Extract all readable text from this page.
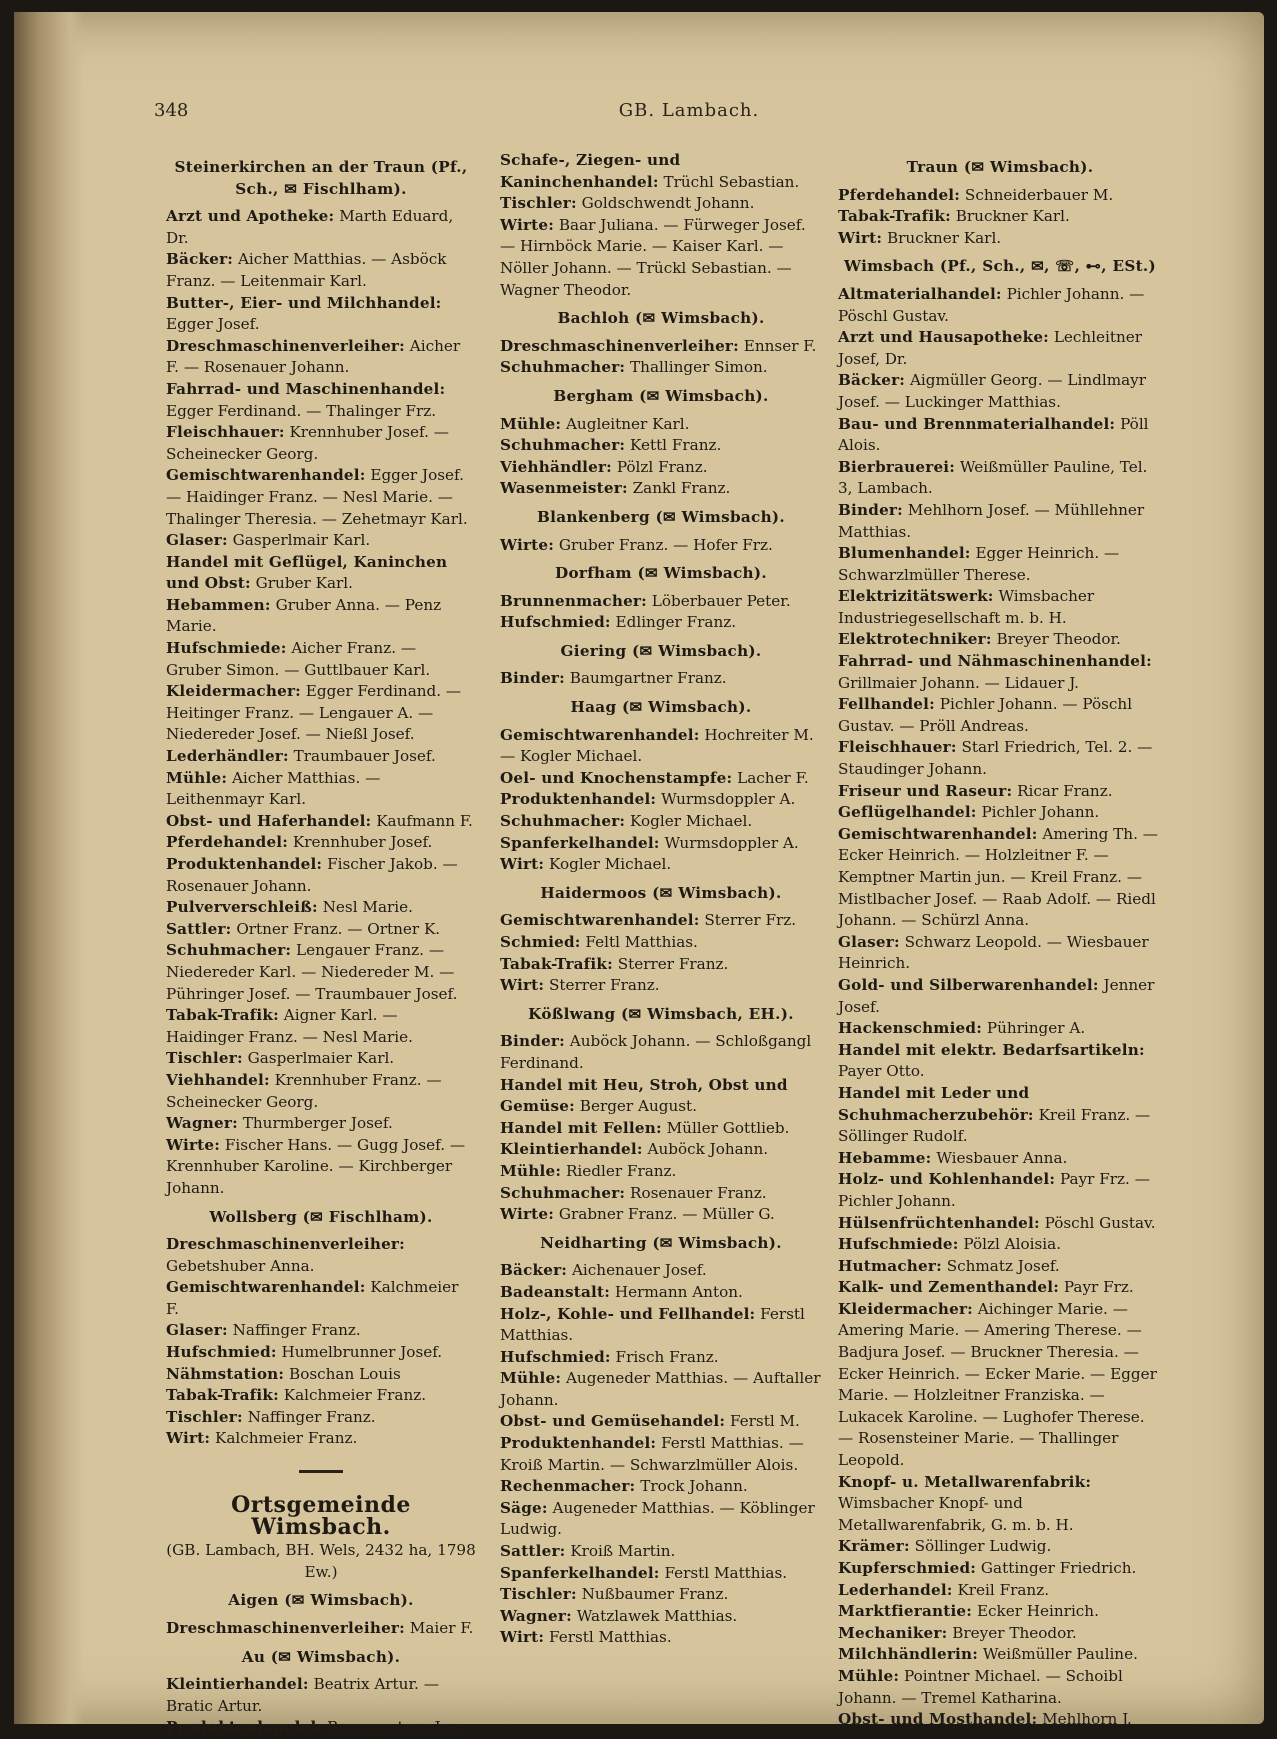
348	GB. Lambach.
Steinerkirchen an der Traun (Pf., Sch., ✉ Fischlham).

Arzt und Apotheke: Marth Eduard, Dr.

Bäcker: Aicher Matthias. — Asböck Franz. — Leitenmair Karl.

Butter-, Eier- und Milchhandel: Egger Josef.

Dreschmaschinenverleiher: Aicher F. — Rosenauer Johann.

Fahrrad- und Maschinenhandel: Egger Ferdinand. — Thalinger Frz.

Fleischhauer: Krennhuber Josef. — Scheinecker Georg.

Gemischtwarenhandel: Egger Josef. — Haidinger Franz. — Nesl Marie. — Thalinger Theresia. — Zehetmayr Karl.

Glaser: Gasperlmair Karl.

Handel mit Geflügel, Kaninchen und Obst: Gruber Karl.

Hebammen: Gruber Anna. — Penz Marie.

Hufschmiede: Aicher Franz. — Gruber Simon. — Guttlbauer Karl.

Kleidermacher: Egger Ferdinand. — Heitinger Franz. — Lengauer A. — Niedereder Josef. — Nießl Josef.

Lederhändler: Traumbauer Josef.

Mühle: Aicher Matthias. — Leithenmayr Karl.

Obst- und Haferhandel: Kaufmann F.

Pferdehandel: Krennhuber Josef.

Produktenhandel: Fischer Jakob. — Rosenauer Johann.

Pulververschleiß: Nesl Marie.

Sattler: Ortner Franz. — Ortner K.

Schuhmacher: Lengauer Franz. — Niedereder Karl. — Niedereder M. — Pühringer Josef. — Traumbauer Josef.

Tabak-Trafik: Aigner Karl. — Haidinger Franz. — Nesl Marie.

Tischler: Gasperlmaier Karl.

Viehhandel: Krennhuber Franz. — Scheinecker Georg.

Wagner: Thurmberger Josef.

Wirte: Fischer Hans. — Gugg Josef. — Krennhuber Karoline. — Kirchberger Johann.

Wollsberg (✉ Fischlham).

Dreschmaschinenverleiher: Gebetshuber Anna.

Gemischtwarenhandel: Kalchmeier F.

Glaser: Naffinger Franz.

Hufschmied: Humelbrunner Josef.

Nähmstation: Boschan Louis

Tabak-Trafik: Kalchmeier Franz.

Tischler: Naffinger Franz.

Wirt: Kalchmeier Franz.

Ortsgemeinde Wimsbach.
(GB. Lambach, BH. Wels, 2432 ha, 1798 Ew.)
Aigen (✉ Wimsbach).

Dreschmaschinenverleiher: Maier F.

Au (✉ Wimsbach).

Kleintierhandel: Beatrix Artur. — Bratic Artur.

Produktenhandel: Baumgartner Jos.

Schafe-, Ziegen- und Kaninchenhandel: Trüchl Sebastian.

Tischler: Goldschwendt Johann.

Wirte: Baar Juliana. — Fürweger Josef. — Hirnböck Marie. — Kaiser Karl. — Nöller Johann. — Trückl Sebastian. — Wagner Theodor.

Bachloh (✉ Wimsbach).

Dreschmaschinenverleiher: Ennser F.

Schuhmacher: Thallinger Simon.

Bergham (✉ Wimsbach).

Mühle: Augleitner Karl.

Schuhmacher: Kettl Franz.

Viehhändler: Pölzl Franz.

Wasenmeister: Zankl Franz.

Blankenberg (✉ Wimsbach).

Wirte: Gruber Franz. — Hofer Frz.

Dorfham (✉ Wimsbach).

Brunnenmacher: Löberbauer Peter.

Hufschmied: Edlinger Franz.

Giering (✉ Wimsbach).

Binder: Baumgartner Franz.

Haag (✉ Wimsbach).

Gemischtwarenhandel: Hochreiter M. — Kogler Michael.

Oel- und Knochenstampfe: Lacher F.

Produktenhandel: Wurmsdoppler A.

Schuhmacher: Kogler Michael.

Spanferkelhandel: Wurmsdoppler A.

Wirt: Kogler Michael.

Haidermoos (✉ Wimsbach).

Gemischtwarenhandel: Sterrer Frz.

Schmied: Feltl Matthias.

Tabak-Trafik: Sterrer Franz.

Wirt: Sterrer Franz.

Kößlwang (✉ Wimsbach, EH.).

Binder: Auböck Johann. — Schloßgangl Ferdinand.

Handel mit Heu, Stroh, Obst und Gemüse: Berger August.

Handel mit Fellen: Müller Gottlieb.

Kleintierhandel: Auböck Johann.

Mühle: Riedler Franz.

Schuhmacher: Rosenauer Franz.

Wirte: Grabner Franz. — Müller G.

Neidharting (✉ Wimsbach).

Bäcker: Aichenauer Josef.

Badeanstalt: Hermann Anton.

Holz-, Kohle- und Fellhandel: Ferstl Matthias.

Hufschmied: Frisch Franz.

Mühle: Augeneder Matthias. — Auftaller Johann.

Obst- und Gemüsehandel: Ferstl M.

Produktenhandel: Ferstl Matthias. — Kroiß Martin. — Schwarzlmüller Alois.

Rechenmacher: Trock Johann.

Säge: Augeneder Matthias. — Köblinger Ludwig.

Sattler: Kroiß Martin.

Spanferkelhandel: Ferstl Matthias.

Tischler: Nußbaumer Franz.

Wagner: Watzlawek Matthias.

Wirt: Ferstl Matthias.

Traun (✉ Wimsbach).

Pferdehandel: Schneiderbauer M.

Tabak-Trafik: Bruckner Karl.

Wirt: Bruckner Karl.

Wimsbach (Pf., Sch., ✉, ☏, ⊷, ESt.)

Altmaterialhandel: Pichler Johann. — Pöschl Gustav.

Arzt und Hausapotheke: Lechleitner Josef, Dr.

Bäcker: Aigmüller Georg. — Lindlmayr Josef. — Luckinger Matthias.

Bau- und Brennmaterialhandel: Pöll Alois.

Bierbrauerei: Weißmüller Pauline, Tel. 3, Lambach.

Binder: Mehlhorn Josef. — Mühllehner Matthias.

Blumenhandel: Egger Heinrich. — Schwarzlmüller Therese.

Elektrizitätswerk: Wimsbacher Industriegesellschaft m. b. H.

Elektrotechniker: Breyer Theodor.

Fahrrad- und Nähmaschinenhandel: Grillmaier Johann. — Lidauer J.

Fellhandel: Pichler Johann. — Pöschl Gustav. — Pröll Andreas.

Fleischhauer: Starl Friedrich, Tel. 2. — Staudinger Johann.

Friseur und Raseur: Ricar Franz.

Geflügelhandel: Pichler Johann.

Gemischtwarenhandel: Amering Th. — Ecker Heinrich. — Holzleitner F. — Kemptner Martin jun. — Kreil Franz. — Mistlbacher Josef. — Raab Adolf. — Riedl Johann. — Schürzl Anna.

Glaser: Schwarz Leopold. — Wiesbauer Heinrich.

Gold- und Silberwarenhandel: Jenner Josef.

Hackenschmied: Pühringer A.

Handel mit elektr. Bedarfsartikeln: Payer Otto.

Handel mit Leder und Schuhmacherzubehör: Kreil Franz. — Söllinger Rudolf.

Hebamme: Wiesbauer Anna.

Holz- und Kohlenhandel: Payr Frz. — Pichler Johann.

Hülsenfrüchtenhandel: Pöschl Gustav.

Hufschmiede: Pölzl Aloisia.

Hutmacher: Schmatz Josef.

Kalk- und Zementhandel: Payr Frz.

Kleidermacher: Aichinger Marie. — Amering Marie. — Amering Therese. — Badjura Josef. — Bruckner Theresia. — Ecker Heinrich. — Ecker Marie. — Egger Marie. — Holzleitner Franziska. — Lukacek Karoline. — Lughofer Therese. — Rosensteiner Marie. — Thallinger Leopold.

Knopf- u. Metallwarenfabrik: Wimsbacher Knopf- und Metallwarenfabrik, G. m. b. H.

Krämer: Söllinger Ludwig.

Kupferschmied: Gattinger Friedrich.

Lederhandel: Kreil Franz.

Marktfierantie: Ecker Heinrich.

Mechaniker: Breyer Theodor.

Milchhändlerin: Weißmüller Pauline.

Mühle: Pointner Michael. — Schoibl Johann. — Tremel Katharina.

Obst- und Mosthandel: Mehlhorn J.
